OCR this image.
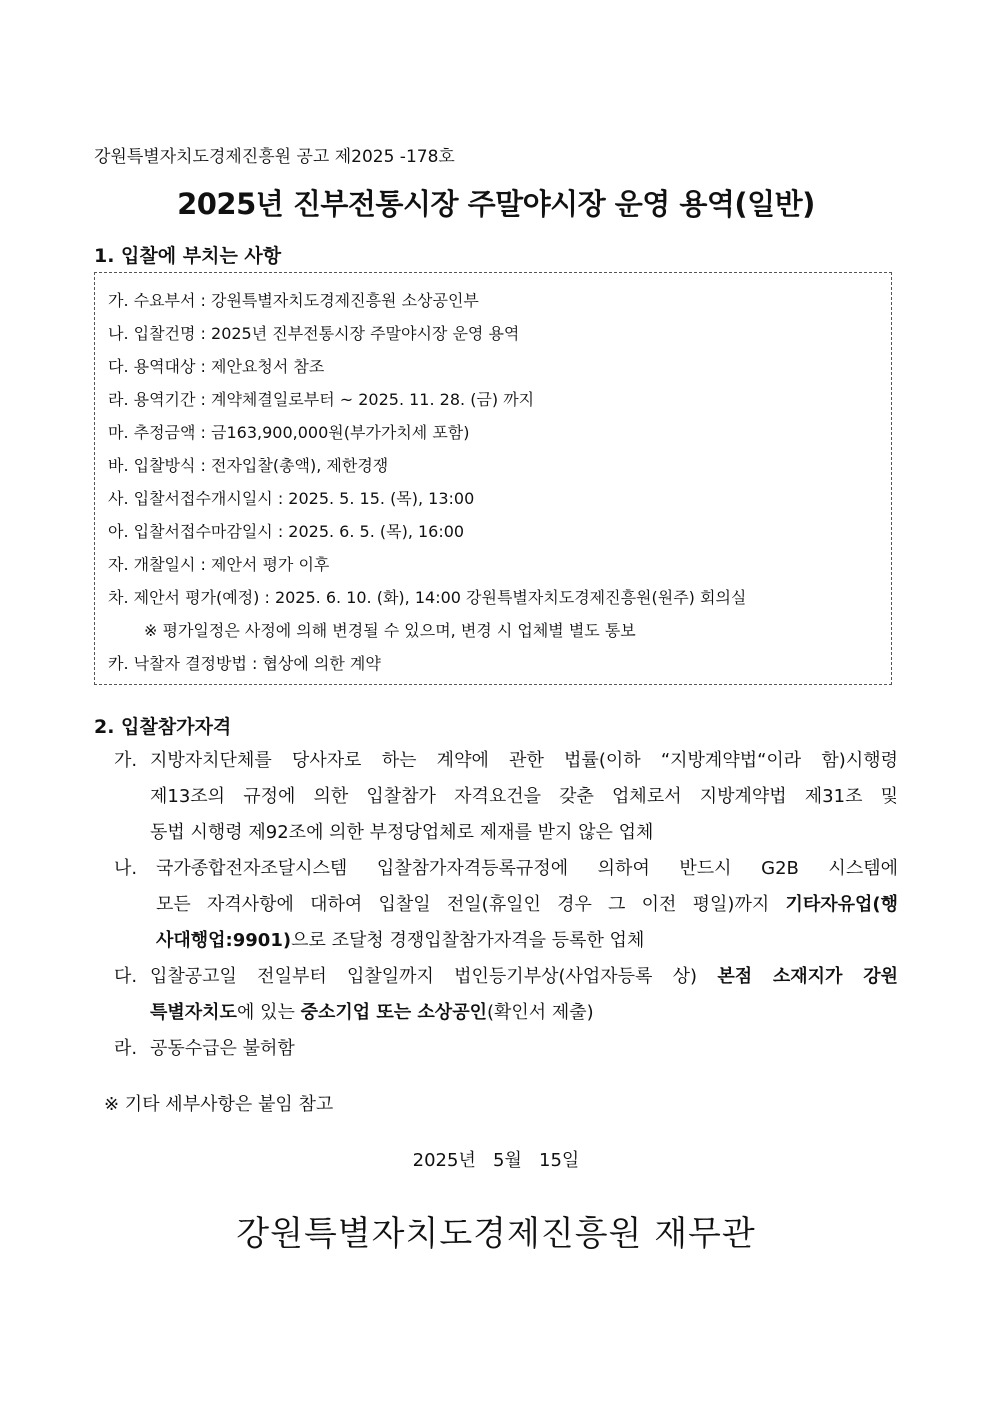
강원특별자치도경제진흥원 공고 제2025 -178호
2025년 진부전통시장 주말야시장 운영 용역(일반)
1. 입찰에 부치는 사항
가. 수요부서 : 강원특별자치도경제진흥원 소상공인부
나. 입찰건명 : 2025년 진부전통시장 주말야시장 운영 용역
다. 용역대상 : 제안요청서 참조
라. 용역기간 : 계약체결일로부터 ~ 2025. 11. 28. (금) 까지
마. 추정금액 : 금163,900,000원(부가가치세 포함)
바. 입찰방식 : 전자입찰(총액), 제한경쟁
사. 입찰서접수개시일시 : 2025. 5. 15. (목), 13:00
아. 입찰서접수마감일시 : 2025. 6. 5. (목), 16:00
자. 개찰일시 : 제안서 평가 이후
차. 제안서 평가(예정) : 2025. 6. 10. (화), 14:00 강원특별자치도경제진흥원(원주) 회의실
※ 평가일정은 사정에 의해 변경될 수 있으며, 변경 시 업체별 별도 통보
카. 낙찰자 결정방법 : 협상에 의한 계약
2. 입찰참가자격
가. 지방자치단체를 당사자로 하는 계약에 관한 법률(이하 “지방계약법“이라 함)시행령
제13조의 규정에 의한 입찰참가 자격요건을 갖춘 업체로서 지방계약법 제31조 및
동법 시행령 제92조에 의한 부정당업체로 제재를 받지 않은 업체
나. 국가종합전자조달시스템 입찰참가자격등록규정에 의하여 반드시 G2B 시스템에
모든 자격사항에 대하여 입찰일 전일(휴일인 경우 그 이전 평일)까지 기타자유업(행
사대행업:9901)으로 조달청 경쟁입찰참가자격을 등록한 업체
다. 입찰공고일 전일부터 입찰일까지 법인등기부상(사업자등록 상) 본점 소재지가 강원
특별자치도에 있는 중소기업 또는 소상공인(확인서 제출)
라. 공동수급은 불허함
※ 기타 세부사항은 붙임 참고
2025년   5월   15일
강원특별자치도경제진흥원 재무관
